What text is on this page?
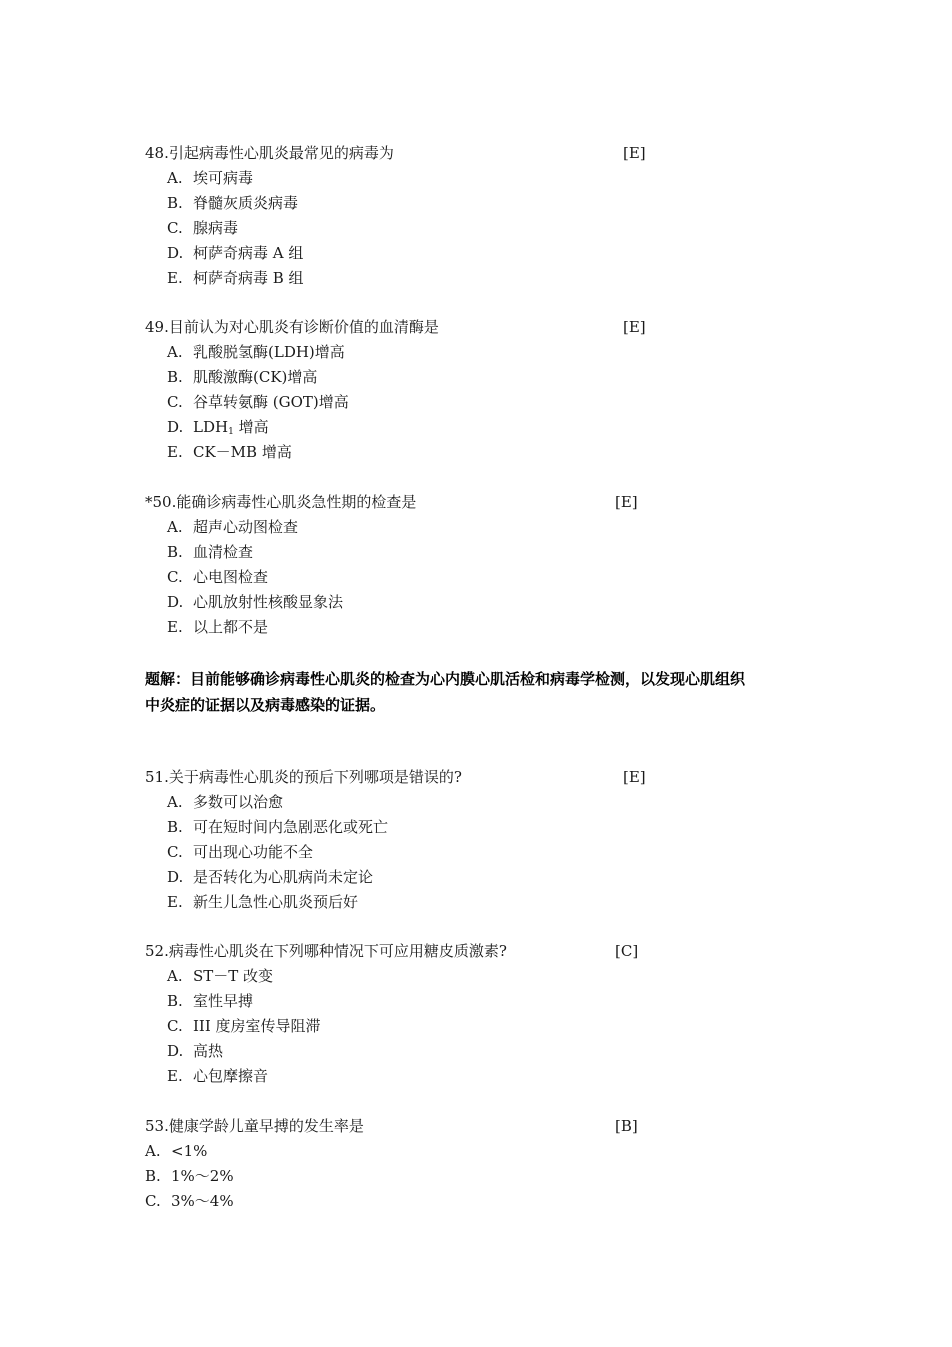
48.引起病毒性心肌炎最常见的病毒为	[E]
A. 埃可病毒
B. 脊髓灰质炎病毒
C. 腺病毒
D. 柯萨奇病毒 A 组
E. 柯萨奇病毒 B 组
49.目前认为对心肌炎有诊断价值的血清酶是	[E]
A. 乳酸脱氢酶(LDH)增高
B. 肌酸激酶(CK)增高
C. 谷草转氨酶 (GOT)增高
D. $LDH_1$ 增高
E. CK－MB 增高
*50.能确诊病毒性心肌炎急性期的检查是	[E]
A. 超声心动图检查
B. 血清检查
C. 心电图检查
D. 心肌放射性核酸显象法
E. 以上都不是
题解：目前能够确诊病毒性心肌炎的检查为心内膜心肌活检和病毒学检测，以发现心肌组织
中炎症的证据以及病毒感染的证据。
51.关于病毒性心肌炎的预后下列哪项是错误的?	[E]
A. 多数可以治愈
B. 可在短时间内急剧恶化或死亡
C. 可出现心功能不全
D. 是否转化为心肌病尚未定论
E. 新生儿急性心肌炎预后好
52.病毒性心肌炎在下列哪种情况下可应用糖皮质激素?	[C]
A. ST－T 改变
B. 室性早搏
C. III 度房室传导阻滞
D. 高热
E. 心包摩擦音
53.健康学龄儿童早搏的发生率是	[B]
A. <1%
B. 1%～2%
C. 3%～4%
